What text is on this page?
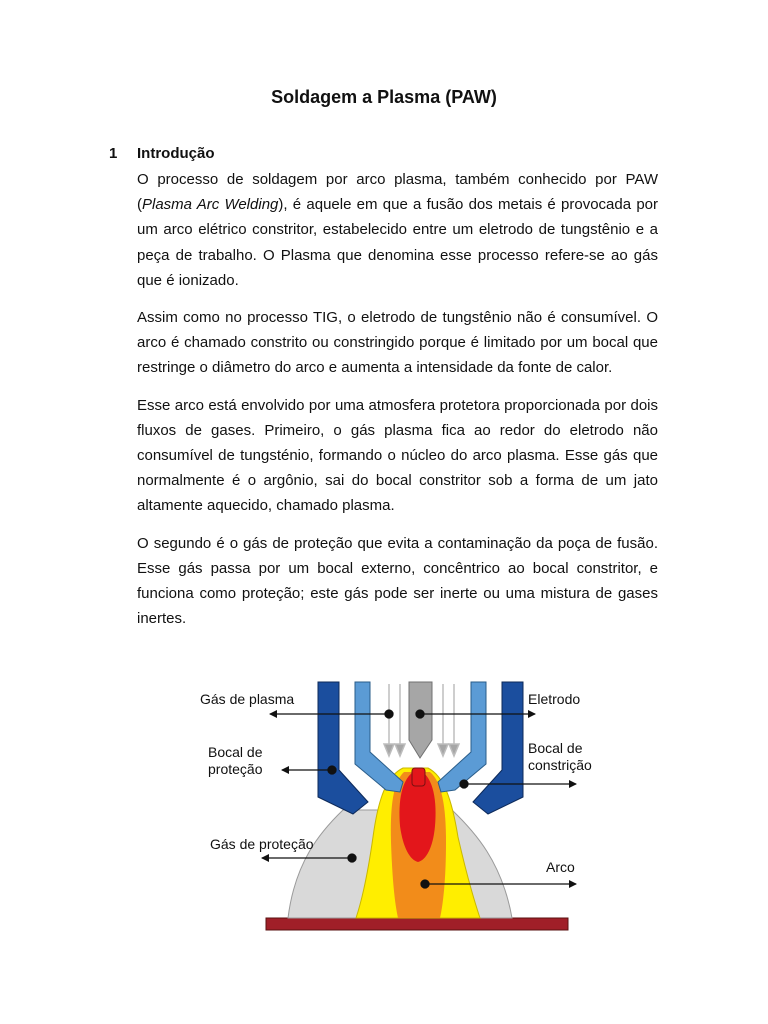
Soldagem a Plasma (PAW)
1 Introdução

O processo de soldagem por arco plasma, também conhecido por PAW (Plasma Arc Welding), é aquele em que a fusão dos metais é provocada por um arco elétrico constritor, estabelecido entre um eletrodo de tungstênio e a peça de trabalho. O Plasma que denomina esse processo refere-se ao gás que é ionizado.

Assim como no processo TIG, o eletrodo de tungstênio não é consumível. O arco é chamado constrito ou constringido porque é limitado por um bocal que restringe o diâmetro do arco e aumenta a intensidade da fonte de calor.

Esse arco está envolvido por uma atmosfera protetora proporcionada por dois fluxos de gases. Primeiro, o gás plasma fica ao redor do eletrodo não consumível de tungsténio, formando o núcleo do arco plasma. Esse gás que normalmente é o argônio, sai do bocal constritor sob a forma de um jato altamente aquecido, chamado plasma.

O segundo é o gás de proteção que evita a contaminação da poça de fusão. Esse gás passa por um bocal externo, concêntrico ao bocal constritor, e funciona como proteção; este gás pode ser inerte ou uma mistura de gases inertes.

Gás de plasma	Eletrodo
Bocal de
proteção
Bocal de
constrição
Gás de proteção
Arco
